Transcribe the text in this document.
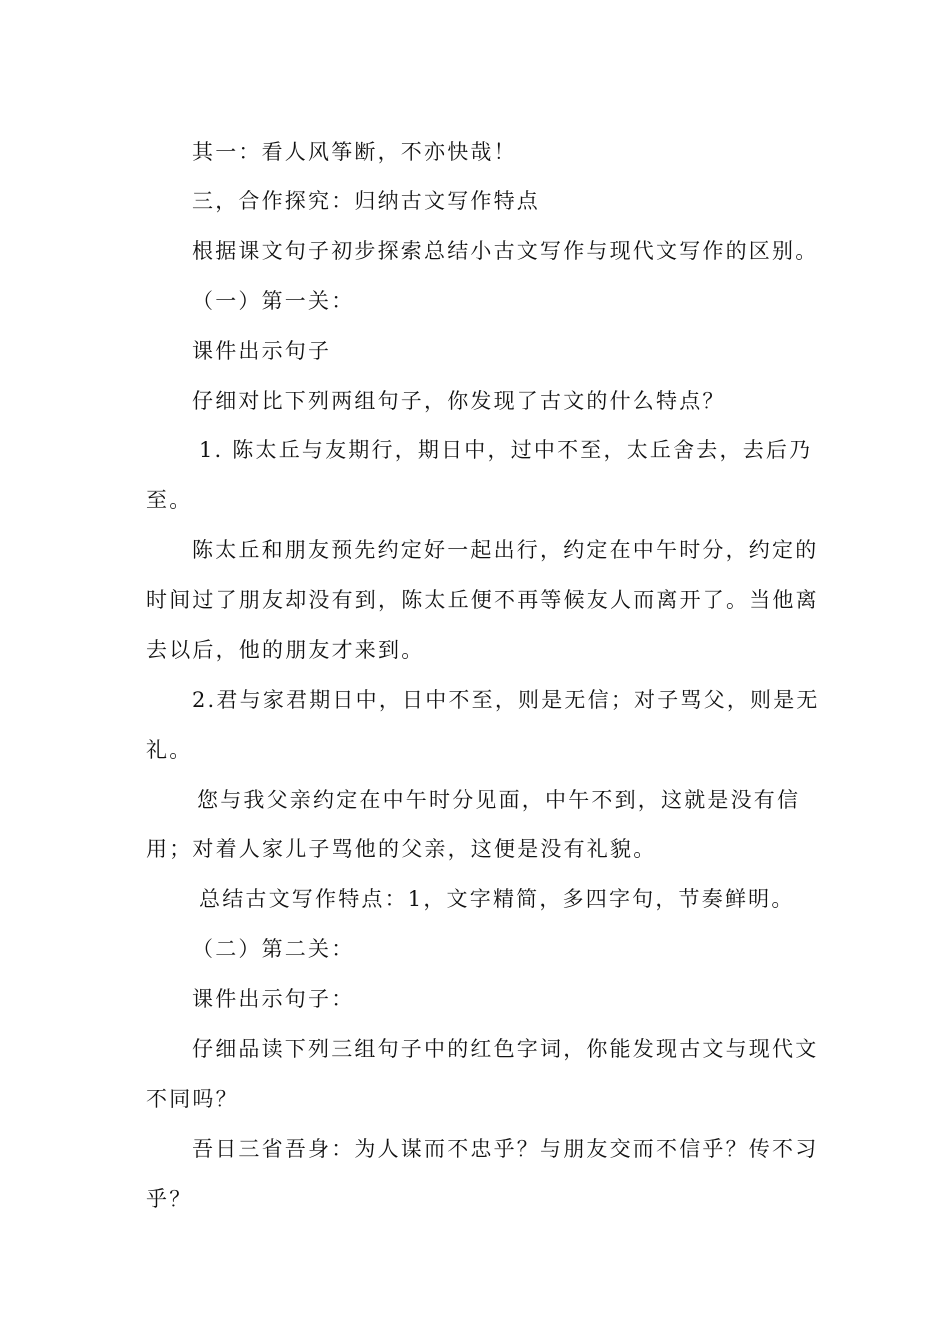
其一：看人风筝断，不亦快哉！

三，合作探究：归纳古文写作特点

根据课文句子初步探索总结小古文写作与现代文写作的区别。

（一）第一关：

课件出示句子

仔细对比下列两组句子，你发现了古文的什么特点？

1. 陈太丘与友期行，期日中，过中不至，太丘舍去，去后乃

至。

陈太丘和朋友预先约定好一起出行，约定在中午时分，约定的

时间过了朋友却没有到，陈太丘便不再等候友人而离开了。当他离

去以后，他的朋友才来到。

2.君与家君期日中，日中不至，则是无信；对子骂父，则是无

礼。

您与我父亲约定在中午时分见面，中午不到，这就是没有信

用；对着人家儿子骂他的父亲，这便是没有礼貌。

总结古文写作特点：1，文字精简，多四字句，节奏鲜明。

（二）第二关：

课件出示句子：

仔细品读下列三组句子中的红色字词，你能发现古文与现代文

不同吗？

吾日三省吾身：为人谋而不忠乎？与朋友交而不信乎？传不习

乎？
